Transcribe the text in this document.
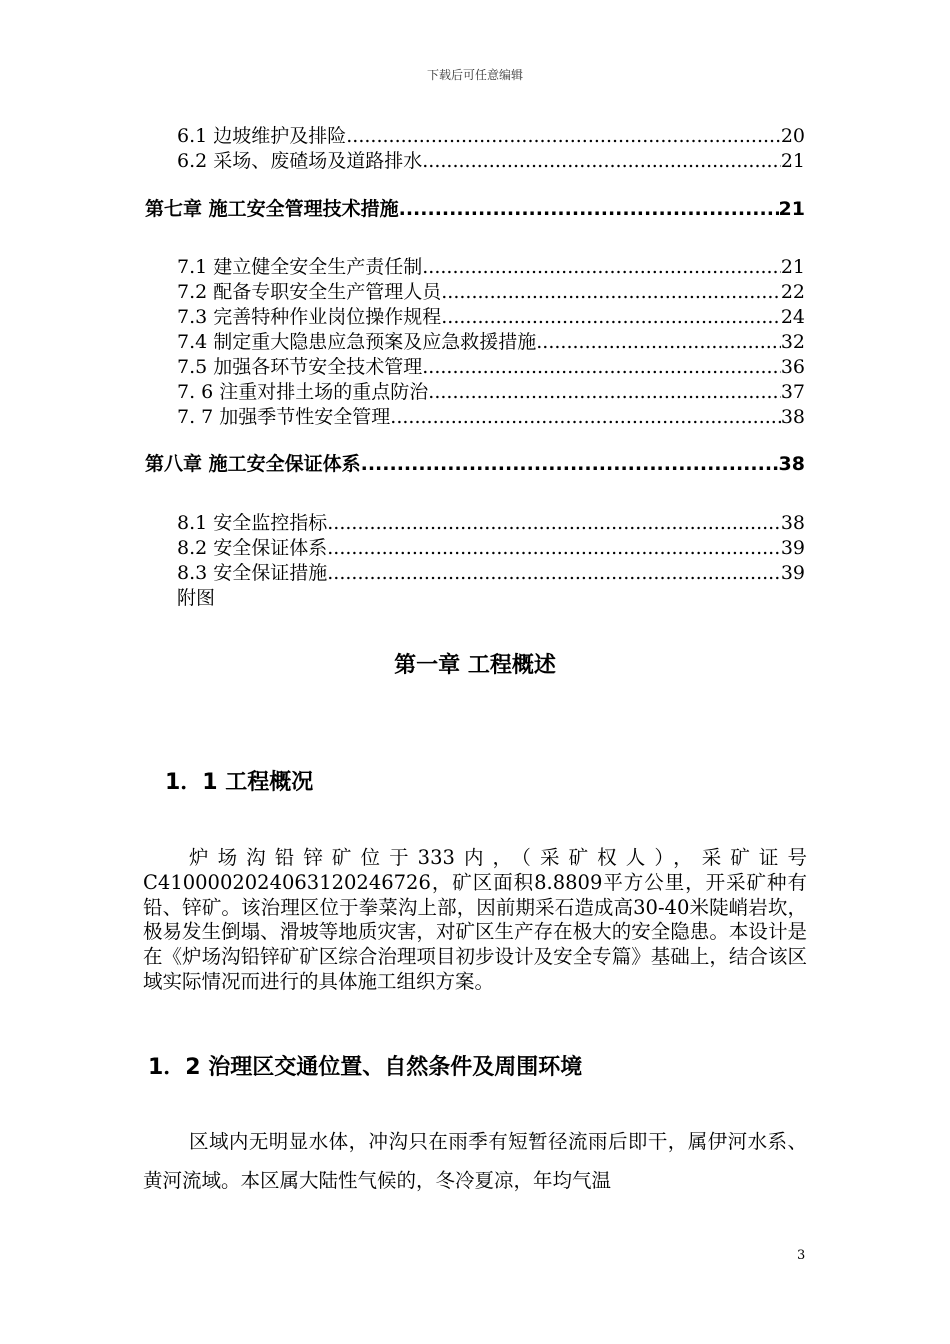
下载后可任意编辑
6.1 边坡维护及排险 .....	20
6.2 采场、废碴场及道路排水 .....	21
第七章 施工安全管理技术措施 .....	21
7.1 建立健全安全生产责任制 .....	21
7.2 配备专职安全生产管理人员 .....	22
7.3 完善特种作业岗位操作规程 .....	24
7.4 制定重大隐患应急预案及应急救援措施 .....	32
7.5 加强各环节安全技术管理 .....	36
7. 6 注重对排土场的重点防治 .....	37
7. 7 加强季节性安全管理 .....	38
第八章 施工安全保证体系 .....	38
8.1 安全监控指标 .....	38
8.2 安全保证体系 .....	39
8.3 安全保证措施 .....	39
附图
第一章 工程概述
1．1 工程概况

炉场沟铅锌矿位于333内，（采矿权人），采矿证号C4100002024063120246726，矿区面积8.8809平方公里，开采矿种有铅、锌矿。该治理区位于拳菜沟上部，因前期采石造成高30-40米陡峭岩坎，极易发生倒塌、滑坡等地质灾害，对矿区生产存在极大的安全隐患。本设计是在《炉场沟铅锌矿矿区综合治理项目初步设计及安全专篇》基础上，结合该区域实际情况而进行的具体施工组织方案。

1．2 治理区交通位置、自然条件及周围环境

区域内无明显水体，冲沟只在雨季有短暂径流雨后即干，属伊河水系、黄河流域。本区属大陆性气候的，冬冷夏凉，年均气温

3
